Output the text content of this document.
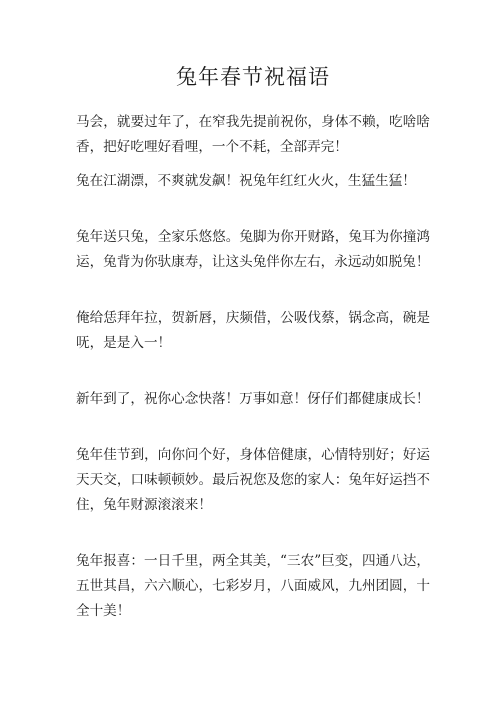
兔年春节祝福语

马会，就要过年了，在窄我先提前祝你，身体不赖，吃啥啥香，把好吃哩好看哩，一个不耗，全部弄完！

兔在江湖漂，不爽就发飙！祝兔年红红火火，生猛生猛！

兔年送只兔，全家乐悠悠。兔脚为你开财路，兔耳为你撞鸿运，兔背为你驮康寿，让这头兔伴你左右，永远动如脱兔！

俺给恁拜年拉，贺新唇，庆频借，公吸伐蔡，锅念高，碗是呒，是是入一！

新年到了，祝你心念快落！万事如意！伢仔们都健康成长！

兔年佳节到，向你问个好，身体倍健康，心情特别好；好运天天交，口味顿顿妙。最后祝您及您的家人：兔年好运挡不住，兔年财源滚滚来！

兔年报喜：一日千里，两全其美，“三农”巨变，四通八达，五世其昌，六六顺心，七彩岁月，八面威风，九州团圆，十全十美！
